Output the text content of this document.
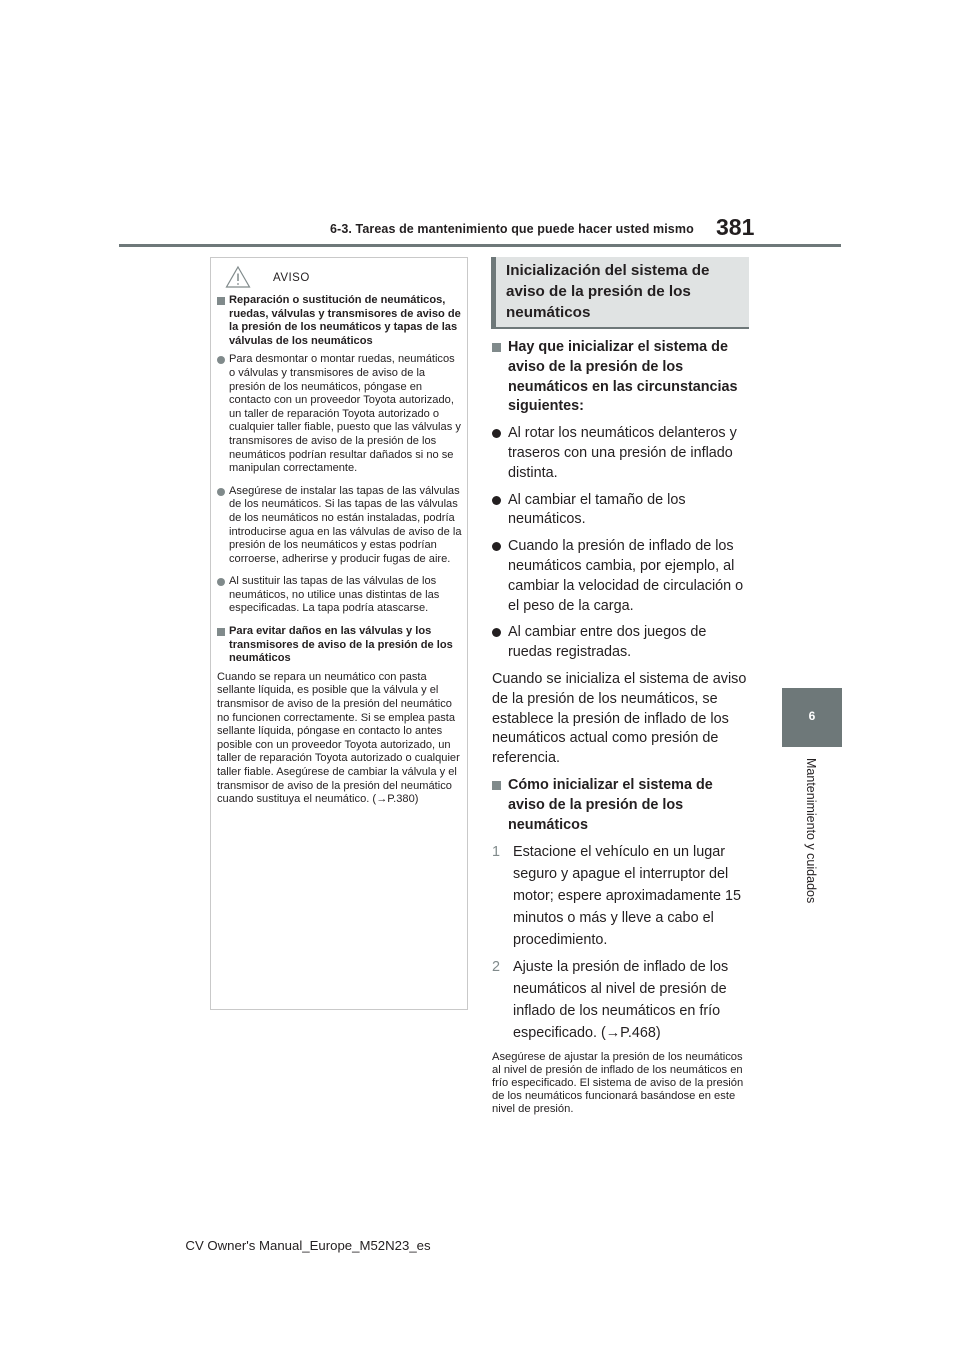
6-3. Tareas de mantenimiento que puede hacer usted mismo 381
6
Mantenimiento y cuidados
AVISO
Reparación o sustitución de neumáticos, ruedas, válvulas y transmisores de aviso de la presión de los neumáticos y tapas de las válvulas de los neumáticos
Para desmontar o montar ruedas, neumáticos o válvulas y transmisores de aviso de la presión de los neumáticos, póngase en contacto con un proveedor Toyota autorizado, un taller de reparación Toyota autorizado o cualquier taller fiable, puesto que las válvulas y transmisores de aviso de la presión de los neumáticos podrían resultar dañados si no se manipulan correctamente.
Asegúrese de instalar las tapas de las válvulas de los neumáticos. Si las tapas de las válvulas de los neumáticos no están instaladas, podría introducirse agua en las válvulas de aviso de la presión de los neumáticos y estas podrían corroerse, adherirse y producir fugas de aire.
Al sustituir las tapas de las válvulas de los neumáticos, no utilice unas distintas de las especificadas. La tapa podría atascarse.
Para evitar daños en las válvulas y los transmisores de aviso de la presión de los neumáticos

Cuando se repara un neumático con pasta sellante líquida, es posible que la válvula y el transmisor de aviso de la presión del neumático no funcionen correctamente. Si se emplea pasta sellante líquida, póngase en contacto lo antes posible con un proveedor Toyota autorizado, un taller de reparación Toyota autorizado o cualquier taller fiable. Asegúrese de cambiar la válvula y el transmisor de aviso de la presión del neumático cuando sustituya el neumático. (→P.380)

Inicialización del sistema de aviso de la presión de los neumáticos
Hay que inicializar el sistema de aviso de la presión de los neumáticos en las circunstancias siguientes:
Al rotar los neumáticos delanteros y traseros con una presión de inflado distinta.
Al cambiar el tamaño de los neumáticos.
Cuando la presión de inflado de los neumáticos cambia, por ejemplo, al cambiar la velocidad de circulación o el peso de la carga.
Al cambiar entre dos juegos de ruedas registradas.

Cuando se inicializa el sistema de aviso de la presión de los neumáticos, se establece la presión de inflado de los neumáticos actual como presión de referencia.

Cómo inicializar el sistema de aviso de la presión de los neumáticos
1 Estacione el vehículo en un lugar seguro y apague el interruptor del motor; espere aproximadamente 15 minutos o más y lleve a cabo el procedimiento.
2 Ajuste la presión de inflado de los neumáticos al nivel de presión de inflado de los neumáticos en frío especificado. (→P.468)

Asegúrese de ajustar la presión de los neumáticos al nivel de presión de inflado de los neumáticos en frío especificado. El sistema de aviso de la presión de los neumáticos funcionará basándose en este nivel de presión.

CV Owner's Manual_Europe_M52N23_es
